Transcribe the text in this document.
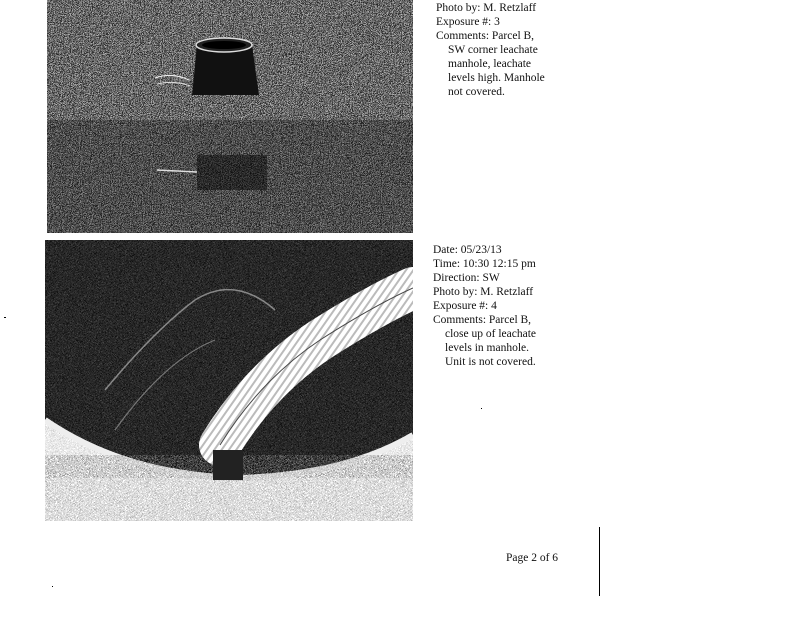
Photo by: M. Retzlaff
Exposure #: 3
Comments: Parcel B,
SW corner leachate
manhole, leachate
levels high. Manhole
not covered.
Date: 05/23/13
Time: 10:30 12:15 pm
Direction: SW
Photo by: M. Retzlaff
Exposure #: 4
Comments: Parcel B,
close up of leachate
levels in manhole.
Unit is not covered.
Page 2 of 6
